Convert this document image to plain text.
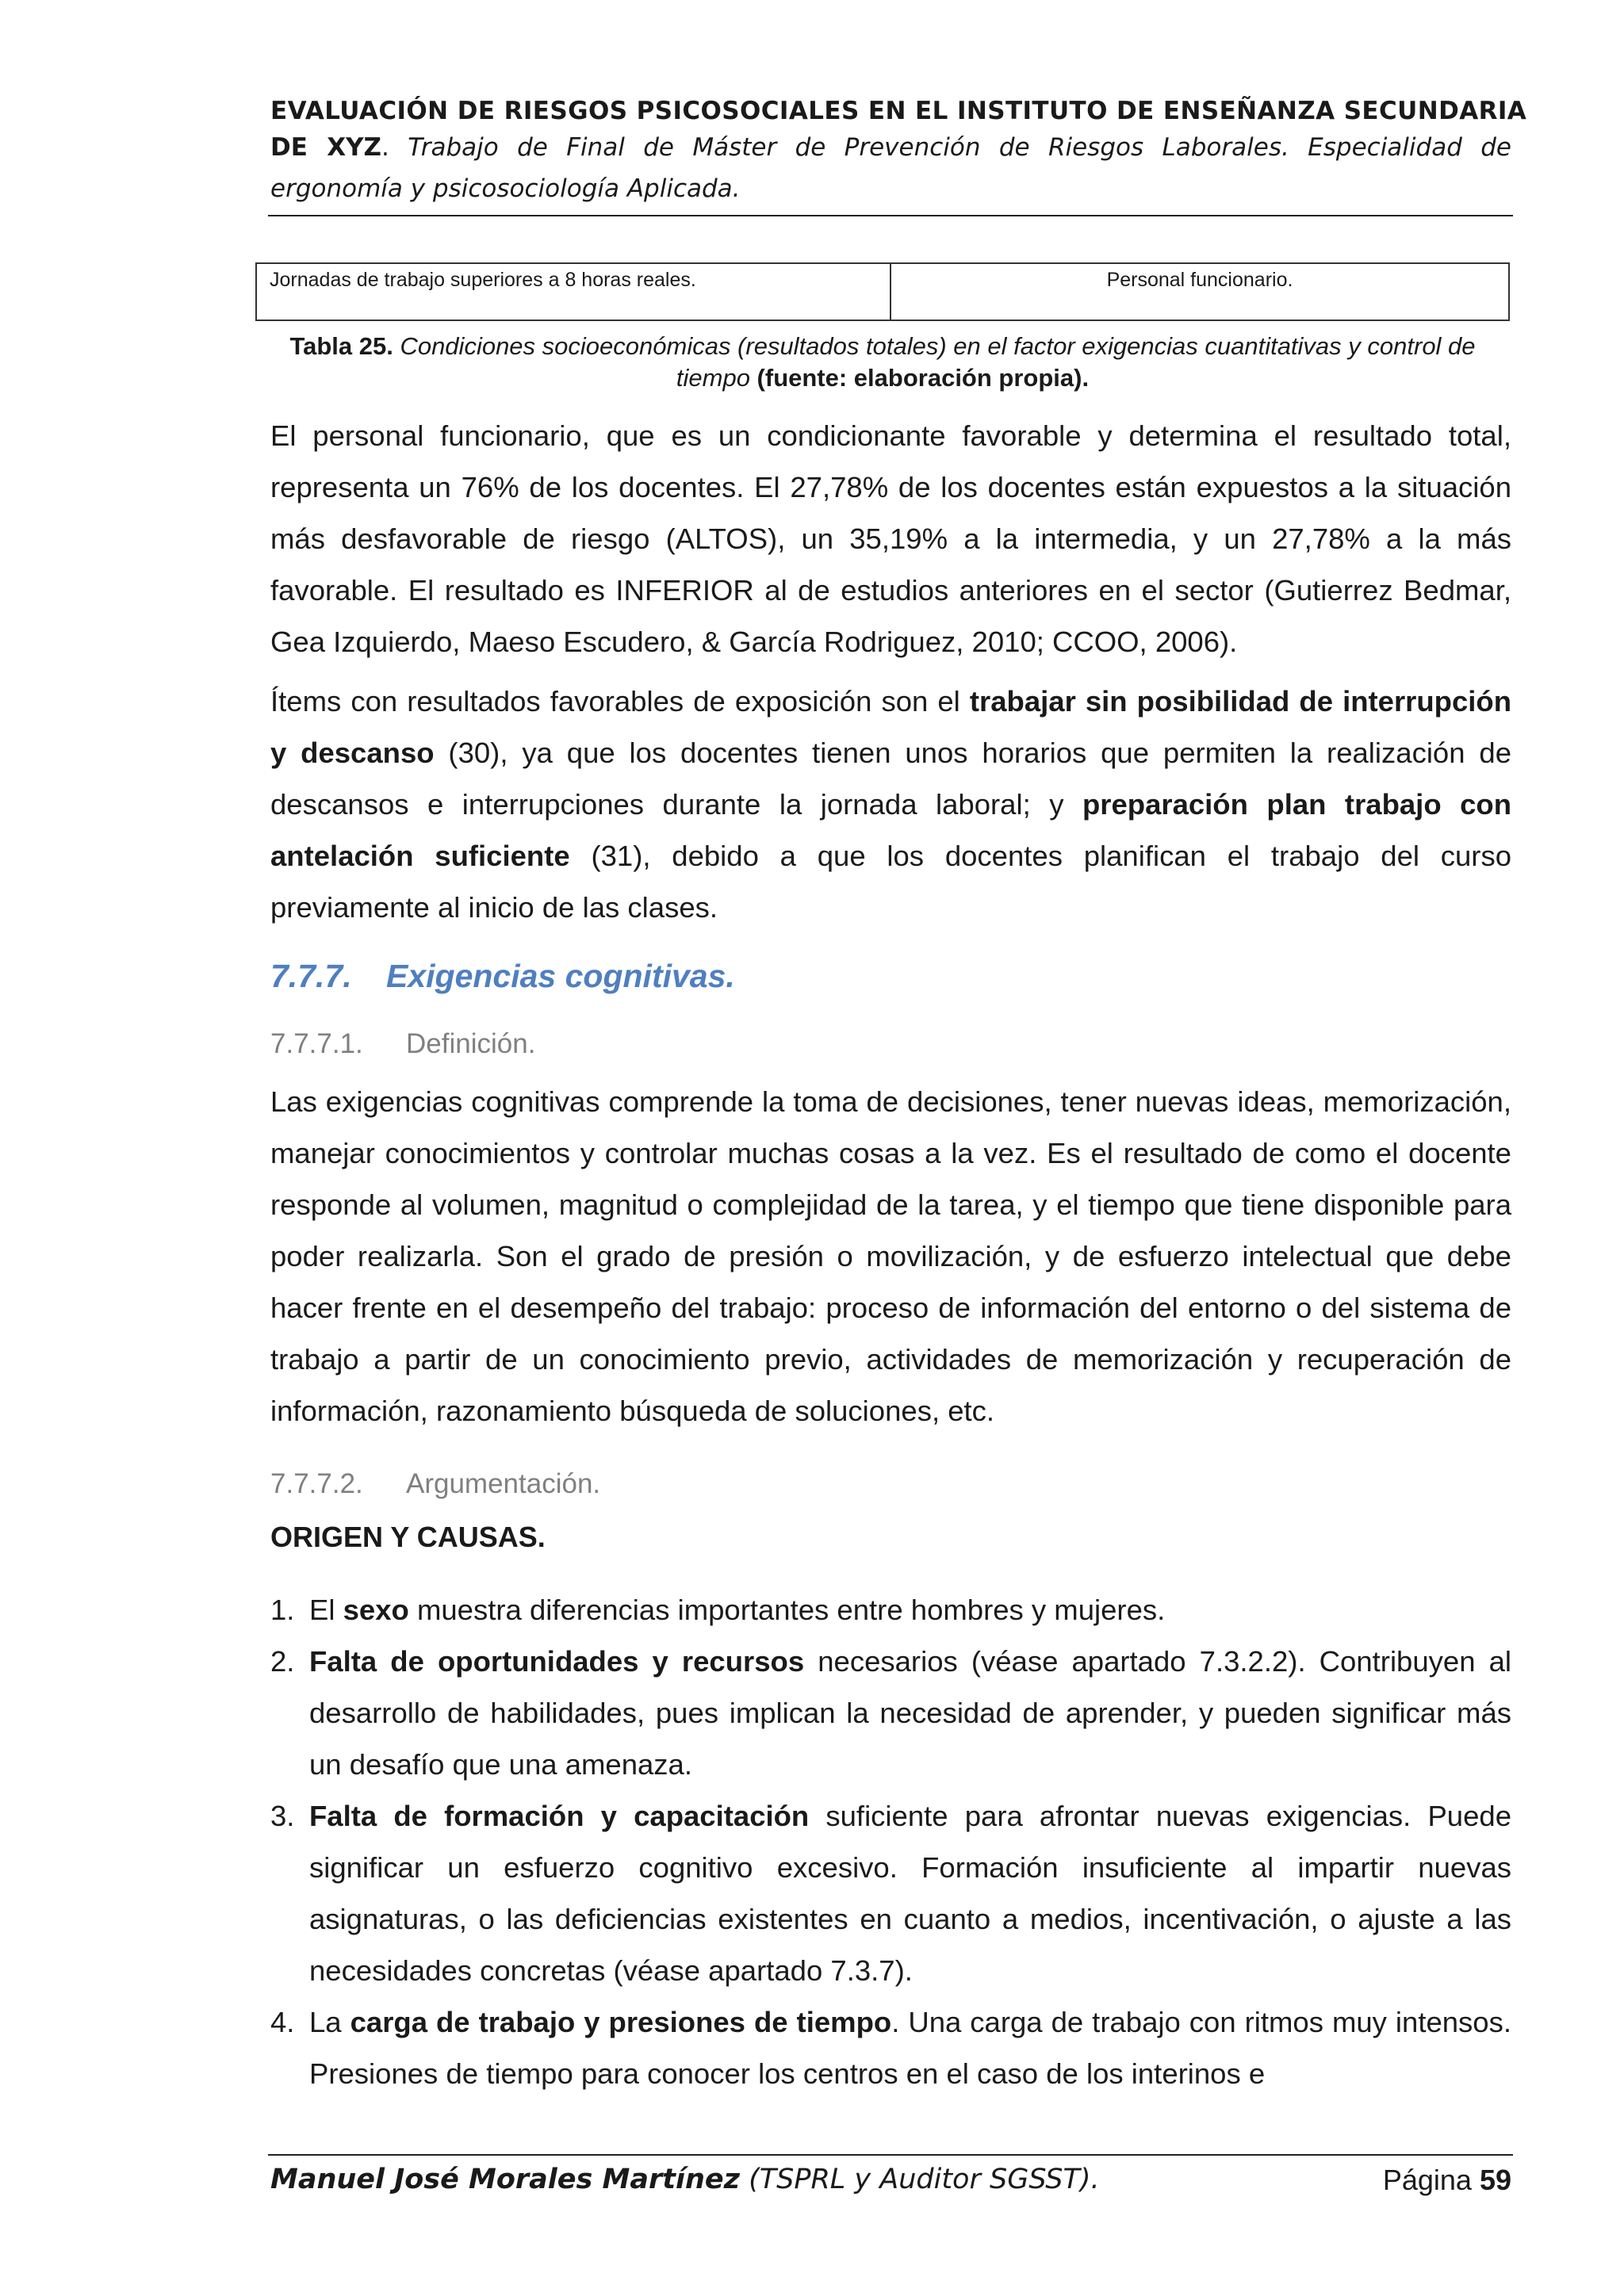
EVALUACIÓN DE RIESGOS PSICOSOCIALES EN EL INSTITUTO DE ENSEÑANZA SECUNDARIA
DE XYZ. Trabajo de Final de Máster de Prevención de Riesgos Laborales. Especialidad de
ergonomía y psicosociología Aplicada.
Jornadas de trabajo superiores a 8 horas reales.	Personal funcionario.
Tabla 25. Condiciones socioeconómicas (resultados totales) en el factor exigencias cuantitativas y control de tiempo (fuente: elaboración propia).

El personal funcionario, que es un condicionante favorable y determina el resultado total, representa un 76% de los docentes. El 27,78% de los docentes están expuestos a la situación más desfavorable de riesgo (ALTOS), un 35,19% a la intermedia, y un 27,78% a la más favorable. El resultado es INFERIOR al de estudios anteriores en el sector (Gutierrez Bedmar, Gea Izquierdo, Maeso Escudero, & García Rodriguez, 2010; CCOO, 2006).

Ítems con resultados favorables de exposición son el trabajar sin posibilidad de interrupción y descanso (30), ya que los docentes tienen unos horarios que permiten la realización de descansos e interrupciones durante la jornada laboral; y preparación plan trabajo con antelación suficiente (31), debido a que los docentes planifican el trabajo del curso previamente al inicio de las clases.

7.7.7. Exigencias cognitivas.
7.7.7.1. Definición.

Las exigencias cognitivas comprende la toma de decisiones, tener nuevas ideas, memorización, manejar conocimientos y controlar muchas cosas a la vez. Es el resultado de como el docente responde al volumen, magnitud o complejidad de la tarea, y el tiempo que tiene disponible para poder realizarla. Son el grado de presión o movilización, y de esfuerzo intelectual que debe hacer frente en el desempeño del trabajo: proceso de información del entorno o del sistema de trabajo a partir de un conocimiento previo, actividades de memorización y recuperación de información, razonamiento búsqueda de soluciones, etc.

7.7.7.2. Argumentación.
ORIGEN Y CAUSAS.
1. El sexo muestra diferencias importantes entre hombres y mujeres.
2. Falta de oportunidades y recursos necesarios (véase apartado 7.3.2.2). Contribuyen al desarrollo de habilidades, pues implican la necesidad de aprender, y pueden significar más un desafío que una amenaza.
3. Falta de formación y capacitación suficiente para afrontar nuevas exigencias. Puede significar un esfuerzo cognitivo excesivo. Formación insuficiente al impartir nuevas asignaturas, o las deficiencias existentes en cuanto a medios, incentivación, o ajuste a las necesidades concretas (véase apartado 7.3.7).
4. La carga de trabajo y presiones de tiempo. Una carga de trabajo con ritmos muy intensos. Presiones de tiempo para conocer los centros en el caso de los interinos e
Manuel José Morales Martínez (TSPRL y Auditor SGSST).	Página 59
